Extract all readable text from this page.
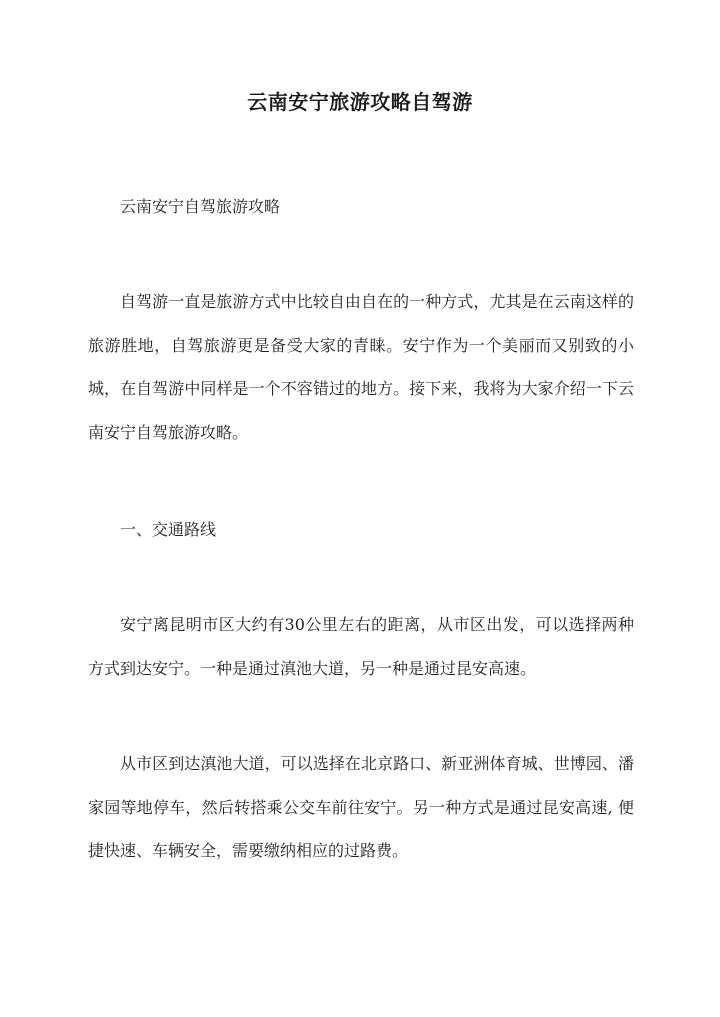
云南安宁旅游攻略自驾游

云南安宁自驾旅游攻略

自驾游一直是旅游方式中比较自由自在的一种方式，尤其是在云南这样的旅游胜地，自驾旅游更是备受大家的青睐。安宁作为一个美丽而又别致的小城，在自驾游中同样是一个不容错过的地方。接下来，我将为大家介绍一下云南安宁自驾旅游攻略。

一、交通路线

安宁离昆明市区大约有30公里左右的距离，从市区出发，可以选择两种方式到达安宁。一种是通过滇池大道，另一种是通过昆安高速。

从市区到达滇池大道，可以选择在北京路口、新亚洲体育城、世博园、潘家园等地停车，然后转搭乘公交车前往安宁。另一种方式是通过昆安高速, 便捷快速、车辆安全，需要缴纳相应的过路费。
